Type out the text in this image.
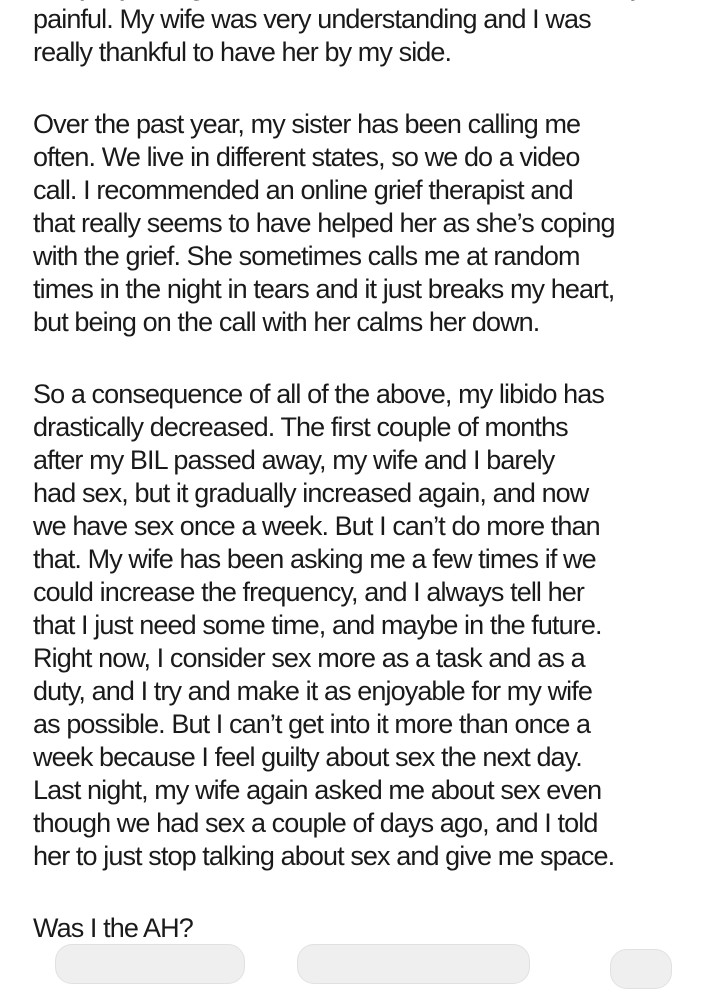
painful. My wife was very understanding and I was
really thankful to have her by my side.

Over the past year, my sister has been calling me
often. We live in different states, so we do a video
call. I recommended an online grief therapist and
that really seems to have helped her as she’s coping
with the grief. She sometimes calls me at random
times in the night in tears and it just breaks my heart,
but being on the call with her calms her down.

So a consequence of all of the above, my libido has
drastically decreased. The first couple of months
after my BIL passed away, my wife and I barely
had sex, but it gradually increased again, and now
we have sex once a week. But I can’t do more than
that. My wife has been asking me a few times if we
could increase the frequency, and I always tell her
that I just need some time, and maybe in the future.
Right now, I consider sex more as a task and as a
duty, and I try and make it as enjoyable for my wife
as possible. But I can’t get into it more than once a
week because I feel guilty about sex the next day.
Last night, my wife again asked me about sex even
though we had sex a couple of days ago, and I told
her to just stop talking about sex and give me space.

Was I the AH?
